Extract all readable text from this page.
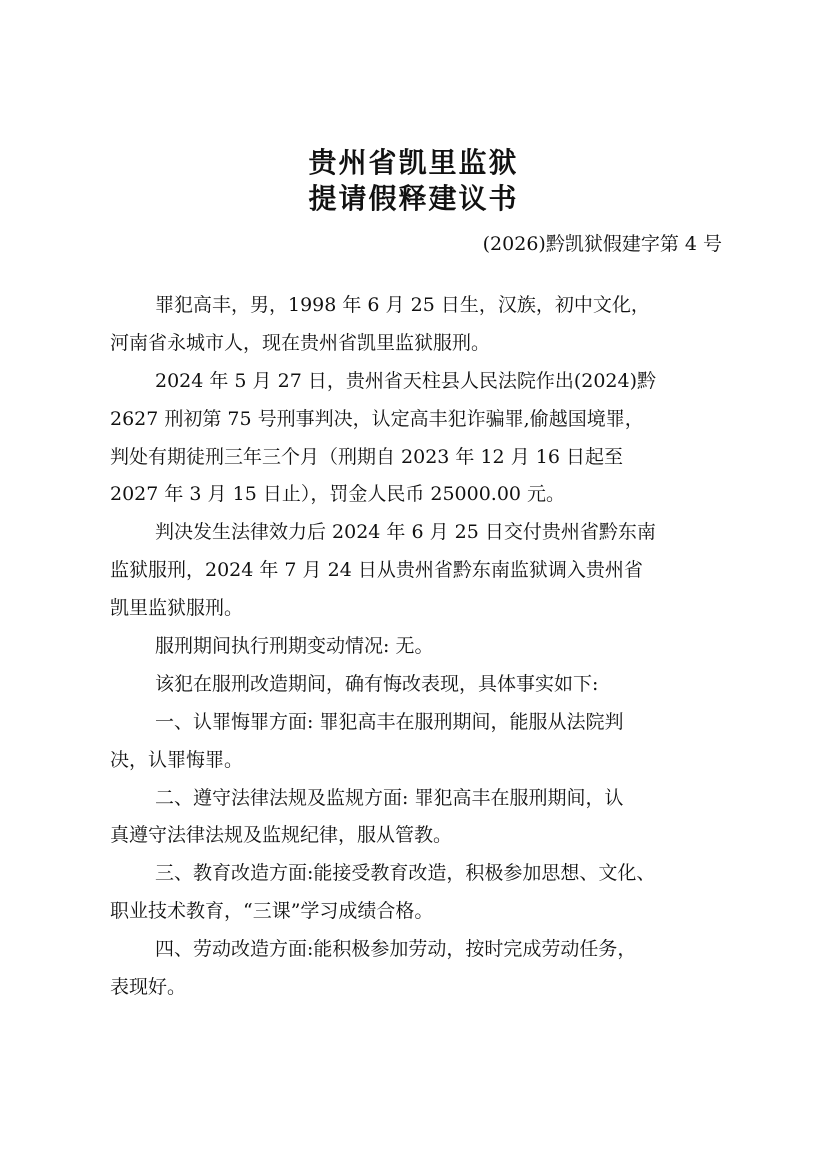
贵州省凯里监狱
提请假释建议书
(2026)黔凯狱假建字第 4 号
罪犯高丰，男，1998 年 6 月 25 日生，汉族，初中文化，
河南省永城市人，现在贵州省凯里监狱服刑。
2024 年 5 月 27 日，贵州省天柱县人民法院作出(2024)黔
2627 刑初第 75 号刑事判决，认定高丰犯诈骗罪,偷越国境罪，
判处有期徒刑三年三个月（刑期自 2023 年 12 月 16 日起至
2027 年 3 月 15 日止），罚金人民币 25000.00 元。
判决发生法律效力后 2024 年 6 月 25 日交付贵州省黔东南
监狱服刑，2024 年 7 月 24 日从贵州省黔东南监狱调入贵州省
凯里监狱服刑。
服刑期间执行刑期变动情况: 无。
该犯在服刑改造期间，确有悔改表现，具体事实如下:
一、认罪悔罪方面: 罪犯高丰在服刑期间，能服从法院判
决，认罪悔罪。
二、遵守法律法规及监规方面: 罪犯高丰在服刑期间，认
真遵守法律法规及监规纪律，服从管教。
三、教育改造方面:能接受教育改造，积极参加思想、文化、
职业技术教育，“三课”学习成绩合格。
四、劳动改造方面:能积极参加劳动，按时完成劳动任务，
表现好。
